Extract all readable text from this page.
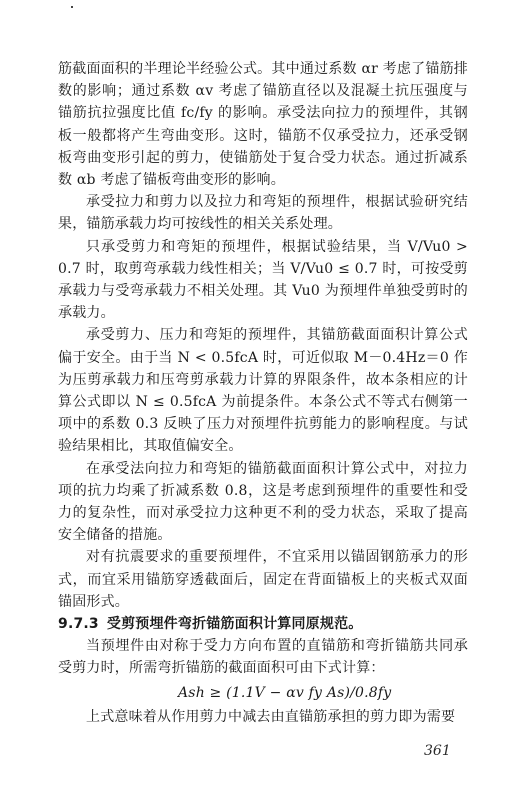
筋截面面积的半理论半经验公式。其中通过系数 αr 考虑了锚筋排数的影响；通过系数 αv 考虑了锚筋直径以及混凝土抗压强度与锚筋抗拉强度比值 fc/fy 的影响。承受法向拉力的预埋件，其钢板一般都将产生弯曲变形。这时，锚筋不仅承受拉力，还承受钢板弯曲变形引起的剪力，使锚筋处于复合受力状态。通过折减系数 αb 考虑了锚板弯曲变形的影响。

承受拉力和剪力以及拉力和弯矩的预埋件，根据试验研究结果，锚筋承载力均可按线性的相关关系处理。

只承受剪力和弯矩的预埋件，根据试验结果，当 V/Vu0 > 0.7 时，取剪弯承载力线性相关；当 V/Vu0 ≤ 0.7 时，可按受剪承载力与受弯承载力不相关处理。其 Vu0 为预埋件单独受剪时的承载力。

承受剪力、压力和弯矩的预埋件，其锚筋截面面积计算公式偏于安全。由于当 N < 0.5fcA 时，可近似取 M－0.4Hz＝0 作为压剪承载力和压弯剪承载力计算的界限条件，故本条相应的计算公式即以 N ≤ 0.5fcA 为前提条件。本条公式不等式右侧第一项中的系数 0.3 反映了压力对预埋件抗剪能力的影响程度。与试验结果相比，其取值偏安全。

在承受法向拉力和弯矩的锚筋截面面积计算公式中，对拉力项的抗力均乘了折减系数 0.8，这是考虑到预埋件的重要性和受力的复杂性，而对承受拉力这种更不利的受力状态，采取了提高安全储备的措施。

对有抗震要求的重要预埋件，不宜采用以锚固钢筋承力的形式，而宜采用锚筋穿透截面后，固定在背面锚板上的夹板式双面锚固形式。

9.7.3 受剪预埋件弯折锚筋面积计算同原规范。

当预埋件由对称于受力方向布置的直锚筋和弯折锚筋共同承受剪力时，所需弯折锚筋的截面面积可由下式计算：

Ash ≥ (1.1V − αv fy As)/0.8fy

上式意味着从作用剪力中减去由直锚筋承担的剪力即为需要

361
